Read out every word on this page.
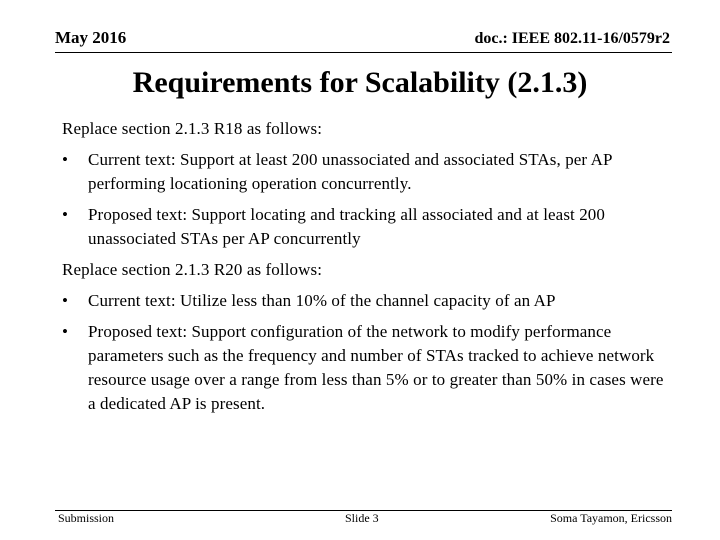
May 2016	doc.: IEEE 802.11-16/0579r2
Requirements for Scalability (2.1.3)

Replace section 2.1.3 R18 as follows:

•	Current text: Support at least 200 unassociated and associated STAs, per AP performing locationing operation concurrently.
•	Proposed text: Support locating and tracking all associated and at least 200 unassociated STAs per AP concurrently

Replace section 2.1.3 R20 as follows:

•	Current text: Utilize less than 10% of the channel capacity of an AP
•	Proposed text: Support configuration of the network to modify performance parameters such as the frequency and number of STAs tracked to achieve network resource usage over a range from less than 5% or to greater than 50% in cases were a dedicated AP is present.
Submission	Slide 3	Soma Tayamon, Ericsson
